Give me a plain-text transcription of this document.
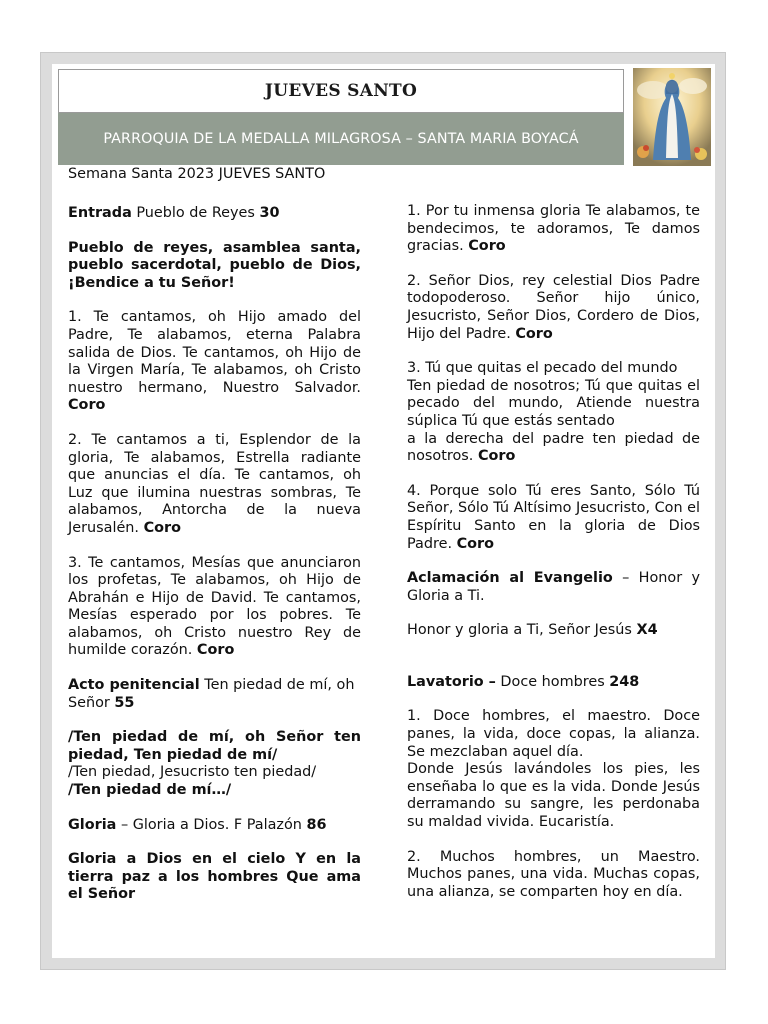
JUEVES SANTO
PARROQUIA DE LA MEDALLA MILAGROSA – SANTA MARIA BOYACÁ
Semana Santa 2023 JUEVES SANTO

Entrada Pueblo de Reyes 30

Pueblo de reyes, asamblea santa, pueblo sacerdotal, pueblo de Dios, ¡Bendice a tu Señor!

1. Te cantamos, oh Hijo amado del Padre, Te alabamos, eterna Palabra salida de Dios. Te cantamos, oh Hijo de la Virgen María, Te alabamos, oh Cristo nuestro hermano, Nuestro Salvador. Coro

2. Te cantamos a ti, Esplendor de la gloria, Te alabamos, Estrella radiante que anuncias el día. Te cantamos, oh Luz que ilumina nuestras sombras, Te alabamos, Antorcha de la nueva Jerusalén. Coro

3. Te cantamos, Mesías que anunciaron los profetas, Te alabamos, oh Hijo de Abrahán e Hijo de David. Te cantamos, Mesías esperado por los pobres. Te alabamos, oh Cristo nuestro Rey de humilde corazón. Coro

Acto penitencial Ten piedad de mí, oh Señor 55

/Ten piedad de mí, oh Señor ten piedad, Ten piedad de mí/
/Ten piedad, Jesucristo ten piedad/
/Ten piedad de mí…/

Gloria – Gloria a Dios. F Palazón 86

Gloria a Dios en el cielo Y en la tierra paz a los hombres Que ama el Señor

1. Por tu inmensa gloria Te alabamos, te bendecimos, te adoramos, Te damos gracias. Coro

2. Señor Dios, rey celestial Dios Padre todopoderoso. Señor hijo único, Jesucristo, Señor Dios, Cordero de Dios, Hijo del Padre. Coro

3. Tú que quitas el pecado del mundo
Ten piedad de nosotros; Tú que quitas el pecado del mundo, Atiende nuestra súplica Tú que estás sentado
a la derecha del padre ten piedad de nosotros. Coro

4. Porque solo Tú eres Santo, Sólo Tú Señor, Sólo Tú Altísimo Jesucristo, Con el Espíritu Santo en la gloria de Dios Padre. Coro

Aclamación al Evangelio – Honor y Gloria a Ti.

Honor y gloria a Ti, Señor Jesús X4

Lavatorio – Doce hombres 248

1. Doce hombres, el maestro. Doce panes, la vida, doce copas, la alianza. Se mezclaban aquel día.
Donde Jesús lavándoles los pies, les enseñaba lo que es la vida. Donde Jesús derramando su sangre, les perdonaba su maldad vivida. Eucaristía.

2. Muchos hombres, un Maestro. Muchos panes, una vida. Muchas copas, una alianza, se comparten hoy en día.
